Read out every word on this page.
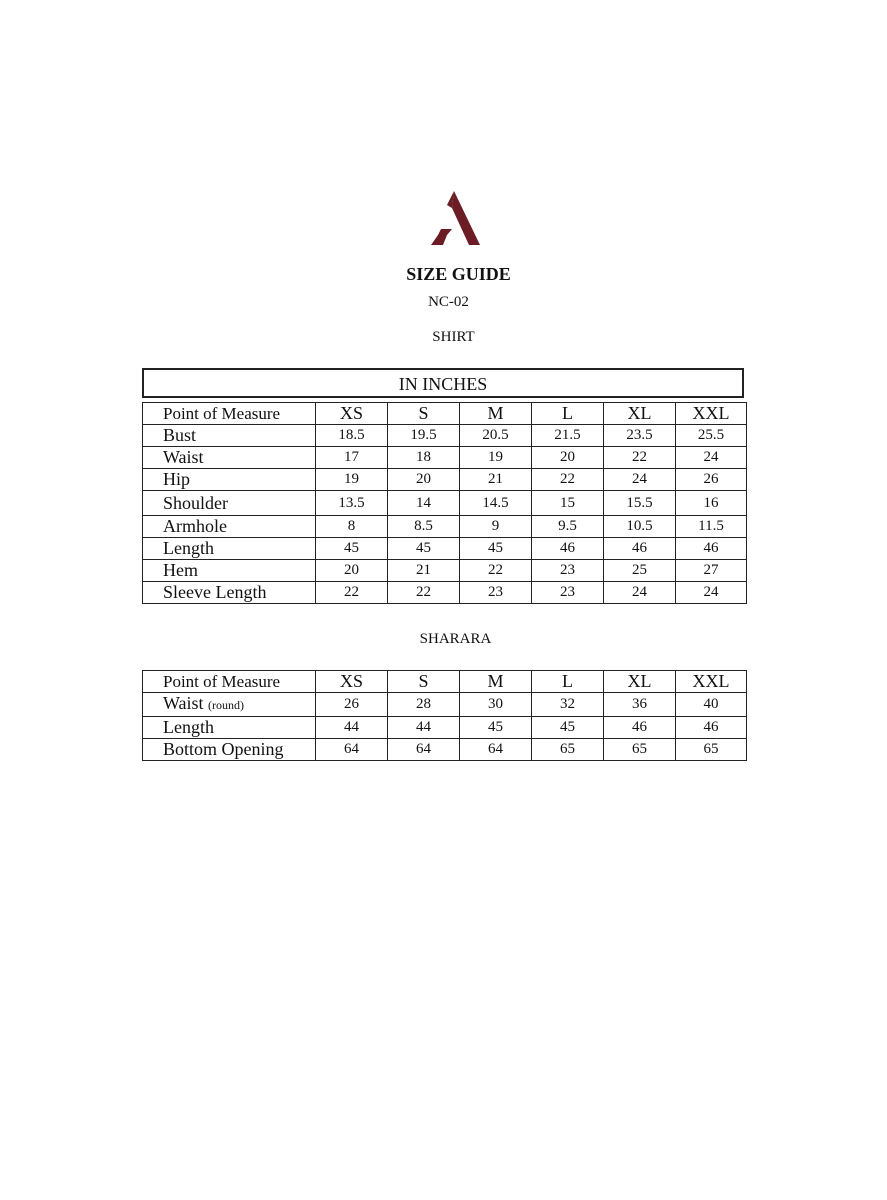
SIZE GUIDE
NC-02
SHIRT
IN INCHES
Point of Measure	XS	S	M	L	XL	XXL
Bust	18.5	19.5	20.5	21.5	23.5	25.5
Waist	17	18	19	20	22	24
Hip	19	20	21	22	24	26
Shoulder	13.5	14	14.5	15	15.5	16
Armhole	8	8.5	9	9.5	10.5	11.5
Length	45	45	45	46	46	46
Hem	20	21	22	23	25	27
Sleeve Length	22	22	23	23	24	24
SHARARA
Point of Measure	XS	S	M	L	XL	XXL
Waist (round)	26	28	30	32	36	40
Length	44	44	45	45	46	46
Bottom Opening	64	64	64	65	65	65
